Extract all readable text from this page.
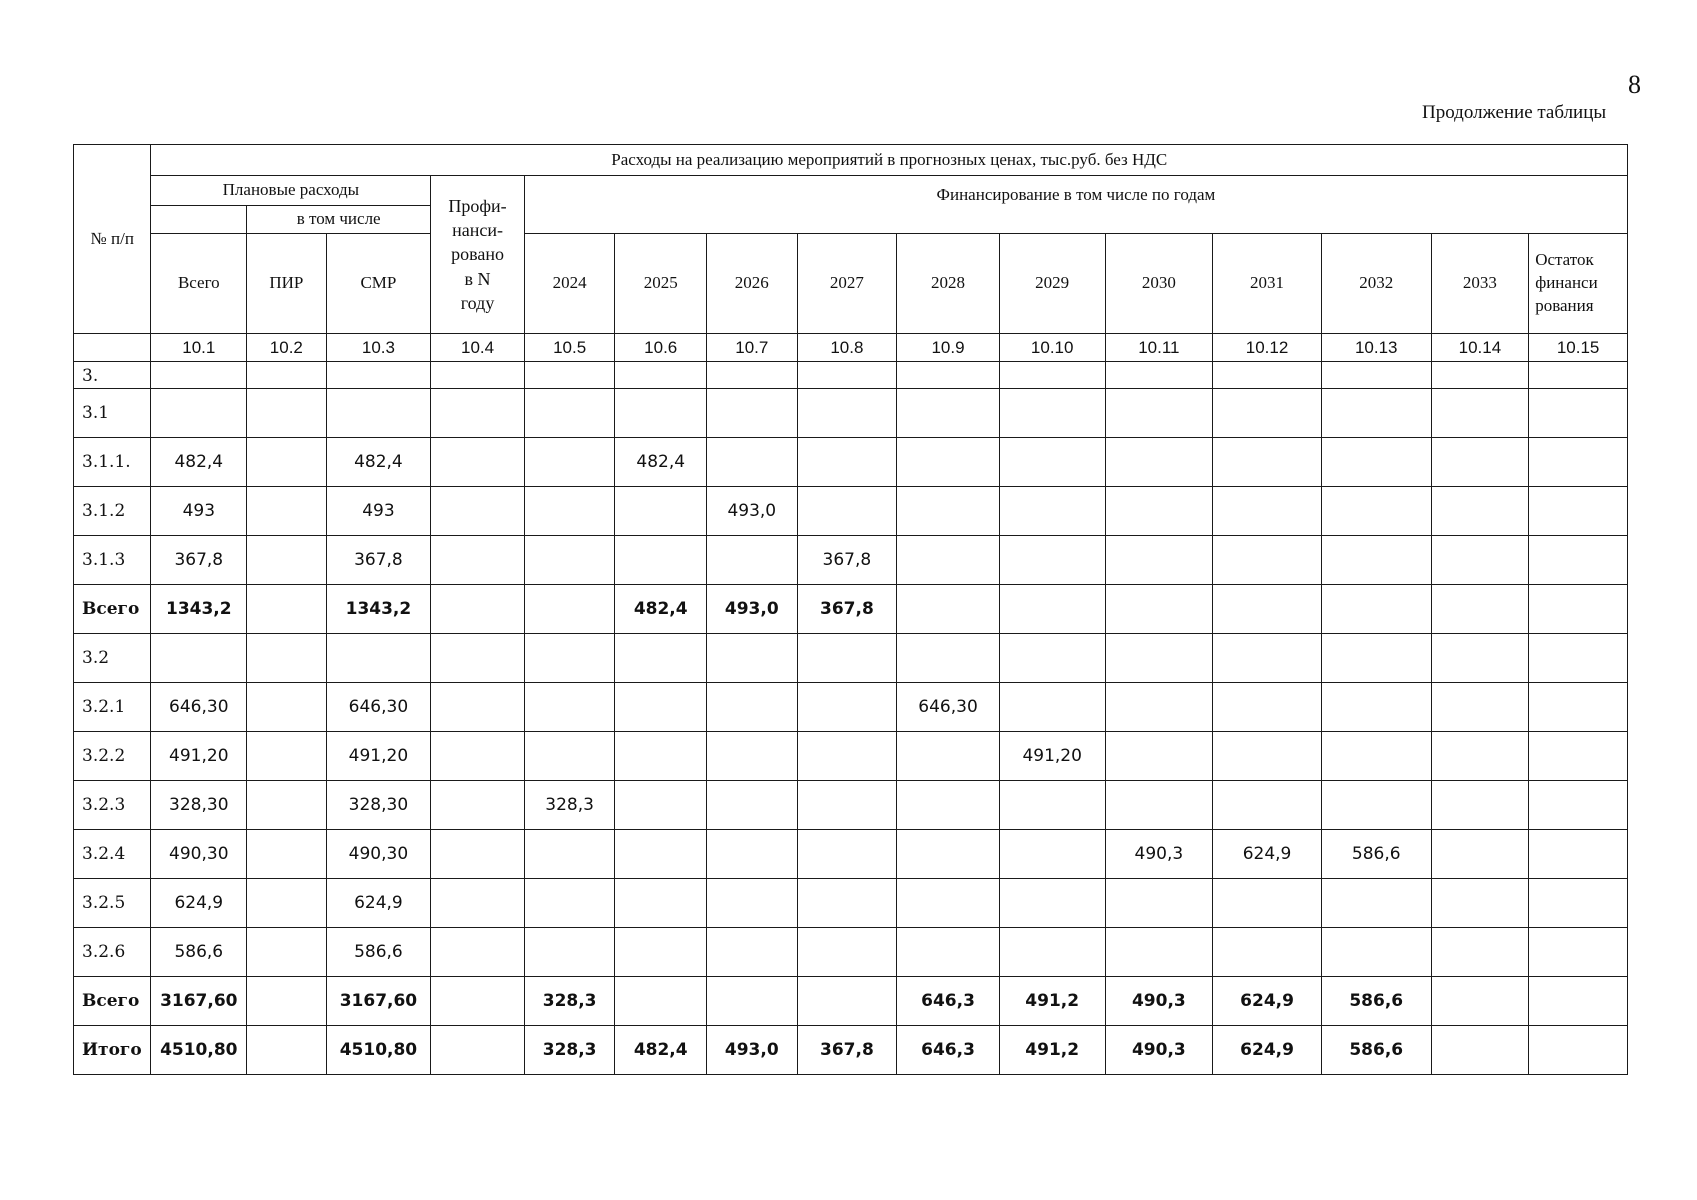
8
Продолжение таблицы
№ п/п	Расходы на реализацию мероприятий в прогнозных ценах, тыс.руб. без НДС														
	Плановые расходы			Профи-
нанси-
ровано
в N
году	Финансирование в том числе по годам										
		в том числе													
	Всего	ПИР	СМР		2024	2025	2026	2027	2028	2029	2030	2031	2032	2033	Остаток
финанси
рования
	10.1	10.2	10.3	10.4	10.5	10.6	10.7	10.8	10.9	10.10	10.11	10.12	10.13	10.14	10.15
3.															
3.1															
3.1.1.	482,4		482,4			482,4									
3.1.2	493		493				493,0								
3.1.3	367,8		367,8					367,8							
Всего	1343,2		1343,2			482,4	493,0	367,8							
3.2															
3.2.1	646,30		646,30						646,30						
3.2.2	491,20		491,20							491,20					
3.2.3	328,30		328,30		328,3										
3.2.4	490,30		490,30								490,3	624,9	586,6		
3.2.5	624,9		624,9												
3.2.6	586,6		586,6												
Всего	3167,60		3167,60		328,3				646,3	491,2	490,3	624,9	586,6		
Итого	4510,80		4510,80		328,3	482,4	493,0	367,8	646,3	491,2	490,3	624,9	586,6		
